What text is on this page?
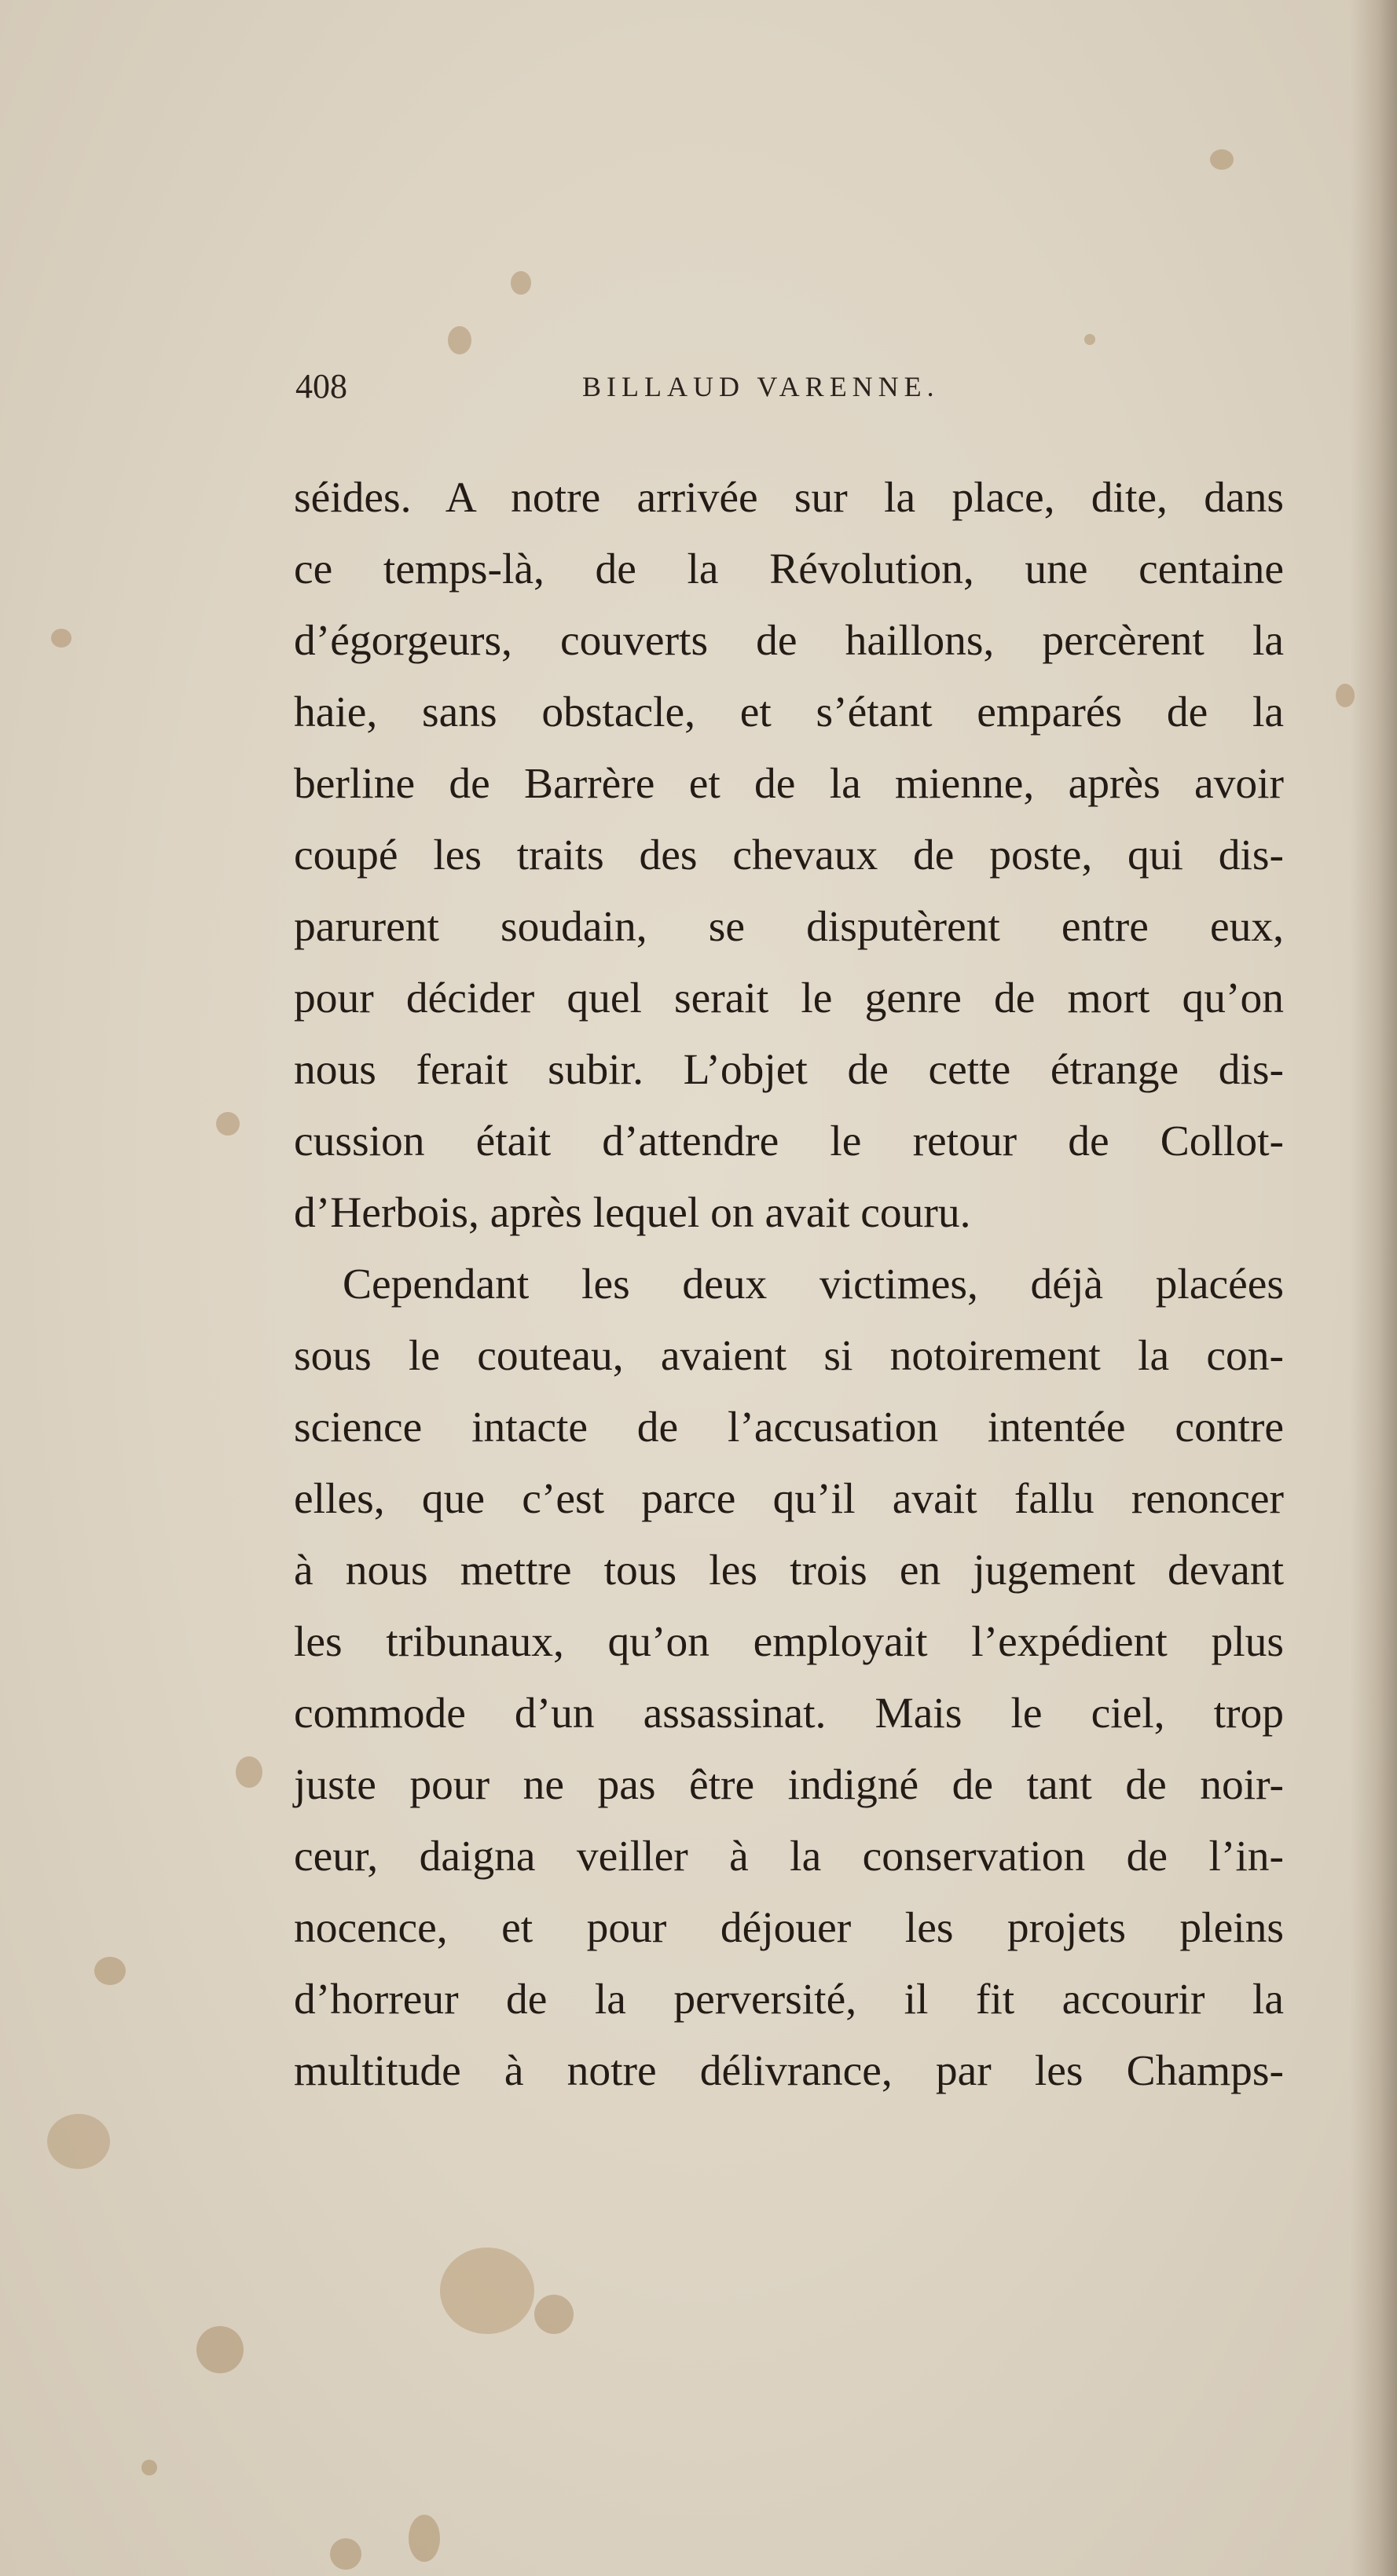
408	BILLAUD VARENNE.
séides. A notre arrivée sur la place, dite, dans
ce temps-là, de la Révolution, une centaine
d’égorgeurs, couverts de haillons, percèrent la
haie, sans obstacle, et s’étant emparés de la
berline de Barrère et de la mienne, après avoir
coupé les traits des chevaux de poste, qui dis-
parurent soudain, se disputèrent entre eux,
pour décider quel serait le genre de mort qu’on
nous ferait subir. L’objet de cette étrange dis-
cussion était d’attendre le retour de Collot-
d’Herbois, après lequel on avait couru.
Cependant les deux victimes, déjà placées
sous le couteau, avaient si notoirement la con-
science intacte de l’accusation intentée contre
elles, que c’est parce qu’il avait fallu renoncer
à nous mettre tous les trois en jugement devant
les tribunaux, qu’on employait l’expédient plus
commode d’un assassinat. Mais le ciel, trop
juste pour ne pas être indigné de tant de noir-
ceur, daigna veiller à la conservation de l’in-
nocence, et pour déjouer les projets pleins
d’horreur de la perversité, il fit accourir la
multitude à notre délivrance, par les Champs-
